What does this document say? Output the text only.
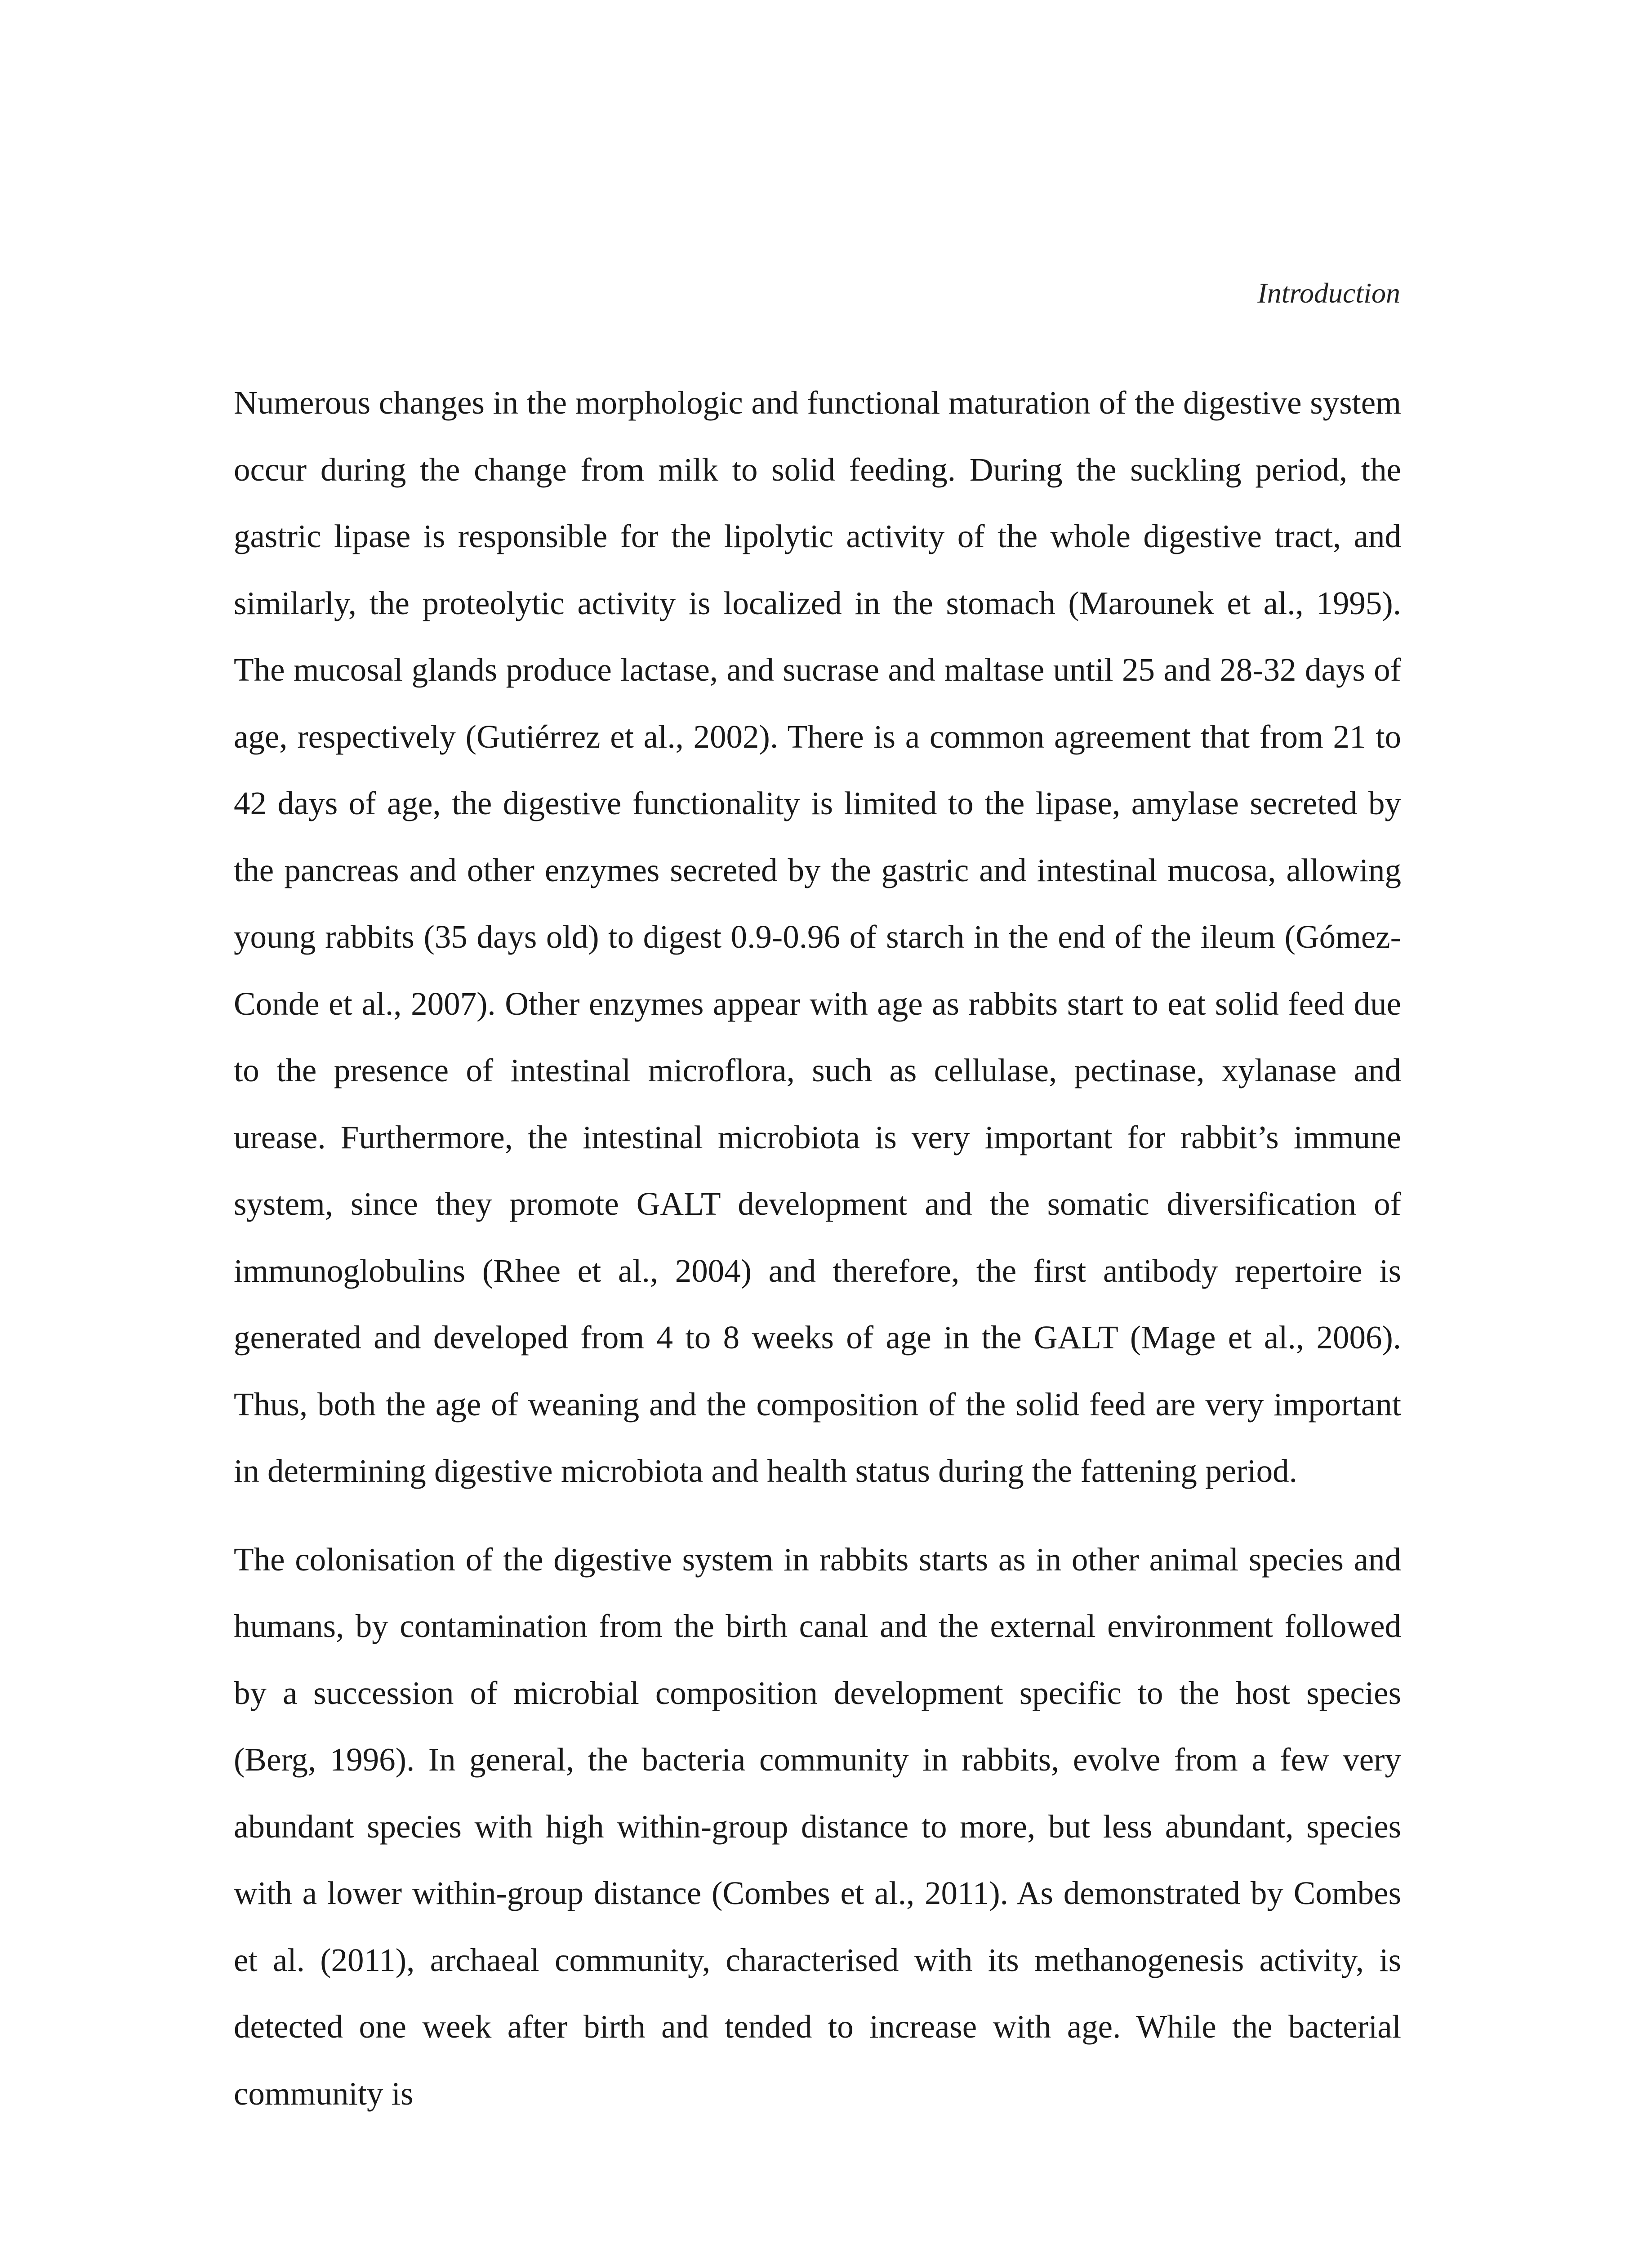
Introduction

Numerous changes in the morphologic and functional maturation of the digestive system occur during the change from milk to solid feeding. During the suckling period, the gastric lipase is responsible for the lipolytic activity of the whole digestive tract, and similarly, the proteolytic activity is localized in the stomach (Marounek et al., 1995). The mucosal glands produce lactase, and sucrase and maltase until 25 and 28-32 days of age, respectively (Gutiérrez et al., 2002). There is a common agreement that from 21 to 42 days of age, the digestive functionality is limited to the lipase, amylase secreted by the pancreas and other enzymes secreted by the gastric and intestinal mucosa, allowing young rabbits (35 days old) to digest 0.9-0.96 of starch in the end of the ileum (Gómez-Conde et al., 2007). Other enzymes appear with age as rabbits start to eat solid feed due to the presence of intestinal microflora, such as cellulase, pectinase, xylanase and urease. Furthermore, the intestinal microbiota is very important for rabbit’s immune system, since they promote GALT development and the somatic diversification of immunoglobulins (Rhee et al., 2004) and therefore, the first antibody repertoire is generated and developed from 4 to 8 weeks of age in the GALT (Mage et al., 2006). Thus, both the age of weaning and the composition of the solid feed are very important in determining digestive microbiota and health status during the fattening period.

The colonisation of the digestive system in rabbits starts as in other animal species and humans, by contamination from the birth canal and the external environment followed by a succession of microbial composition development specific to the host species (Berg, 1996). In general, the bacteria community in rabbits, evolve from a few very abundant species with high within-group distance to more, but less abundant, species with a lower within-group distance (Combes et al., 2011). As demonstrated by Combes et al. (2011), archaeal community, characterised with its methanogenesis activity, is detected one week after birth and tended to increase with age. While the bacterial community is
